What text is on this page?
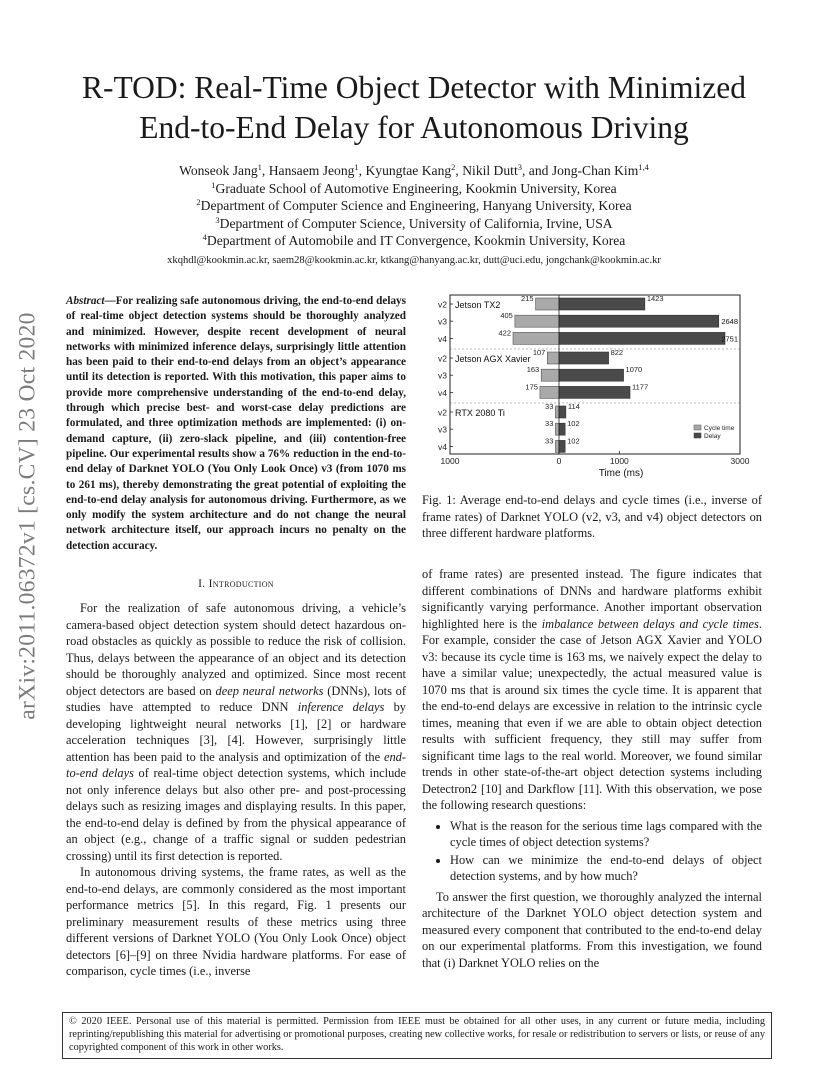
arXiv:2011.06372v1 [cs.CV] 23 Oct 2020
R-TOD: Real-Time Object Detector with Minimized
End-to-End Delay for Autonomous Driving
Wonseok Jang$^1$, Hansaem Jeong$^1$, Kyungtae Kang$^2$, Nikil Dutt$^3$, and Jong-Chan Kim$^{1,4}$
$^1$Graduate School of Automotive Engineering, Kookmin University, Korea
$^2$Department of Computer Science and Engineering, Hanyang University, Korea
$^3$Department of Computer Science, University of California, Irvine, USA
$^4$Department of Automobile and IT Convergence, Kookmin University, Korea
xkqhdl@kookmin.ac.kr, saem28@kookmin.ac.kr, ktkang@hanyang.ac.kr, dutt@uci.edu, jongchank@kookmin.ac.kr

Abstract—For realizing safe autonomous driving, the end-to-end delays of real-time object detection systems should be thoroughly analyzed and minimized. However, despite recent development of neural networks with minimized inference delays, surprisingly little attention has been paid to their end-to-end delays from an object’s appearance until its detection is reported. With this motivation, this paper aims to provide more comprehensive understanding of the end-to-end delay, through which precise best- and worst-case delay predictions are formulated, and three optimization methods are implemented: (i) on-demand capture, (ii) zero-slack pipeline, and (iii) contention-free pipeline. Our experimental results show a 76% reduction in the end-to-end delay of Darknet YOLO (You Only Look Once) v3 (from 1070 ms to 261 ms), thereby demonstrating the great potential of exploiting the end-to-end delay analysis for autonomous driving. Furthermore, as we only modify the system architecture and do not change the neural network architecture itself, our approach incurs no penalty on the detection accuracy.

I. Introduction

For the realization of safe autonomous driving, a vehicle’s camera-based object detection system should detect hazardous on-road obstacles as quickly as possible to reduce the risk of collision. Thus, delays between the appearance of an object and its detection should be thoroughly analyzed and optimized. Since most recent object detectors are based on deep neural networks (DNNs), lots of studies have attempted to reduce DNN inference delays by developing lightweight neural networks [1], [2] or hardware acceleration techniques [3], [4]. However, surprisingly little attention has been paid to the analysis and optimization of the end-to-end delays of real-time object detection systems, which include not only inference delays but also other pre- and post-processing delays such as resizing images and displaying results. In this paper, the end-to-end delay is defined by from the physical appearance of an object (e.g., change of a traffic signal or sudden pedestrian crossing) until its first detection is reported.

In autonomous driving systems, the frame rates, as well as the end-to-end delays, are commonly considered as the most important performance metrics [5]. In this regard, Fig. 1 presents our preliminary measurement results of these metrics using three different versions of Darknet YOLO (You Only Look Once) object detectors [6]–[9] on three Nvidia hardware platforms. For ease of comparison, cycle times (i.e., inverse

v2
215	1423
v3
405
2648
v4
422
2751
Jetson TX2
v2
107	822
v3
163	1070
v4
175	1177
Jetson AGX Xavier
v2
33 114
v3
33 102
v4
33 102
RTX 2080 Ti
1000	0	1000	3000
Time (ms)
Cycle time
Delay
Fig. 1: Average end-to-end delays and cycle times (i.e., inverse of frame rates) of Darknet YOLO (v2, v3, and v4) object detectors on three different hardware platforms.

of frame rates) are presented instead. The figure indicates that different combinations of DNNs and hardware platforms exhibit significantly varying performance. Another important observation highlighted here is the imbalance between delays and cycle times. For example, consider the case of Jetson AGX Xavier and YOLO v3: because its cycle time is 163 ms, we naively expect the delay to have a similar value; unexpectedly, the actual measured value is 1070 ms that is around six times the cycle time. It is apparent that the end-to-end delays are excessive in relation to the intrinsic cycle times, meaning that even if we are able to obtain object detection results with sufficient frequency, they still may suffer from significant time lags to the real world. Moreover, we found similar trends in other state-of-the-art object detection systems including Detectron2 [10] and Darkflow [11]. With this observation, we pose the following research questions:

• What is the reason for the serious time lags compared with the cycle times of object detection systems?
• How can we minimize the end-to-end delays of object detection systems, and by how much?

To answer the first question, we thoroughly analyzed the internal architecture of the Darknet YOLO object detection system and measured every component that contributed to the end-to-end delay on our experimental platforms. From this investigation, we found that (i) Darknet YOLO relies on the

© 2020 IEEE. Personal use of this material is permitted. Permission from IEEE must be obtained for all other uses, in any current or future media, including reprinting/republishing this material for advertising or promotional purposes, creating new collective works, for resale or redistribution to servers or lists, or reuse of any copyrighted component of this work in other works.
